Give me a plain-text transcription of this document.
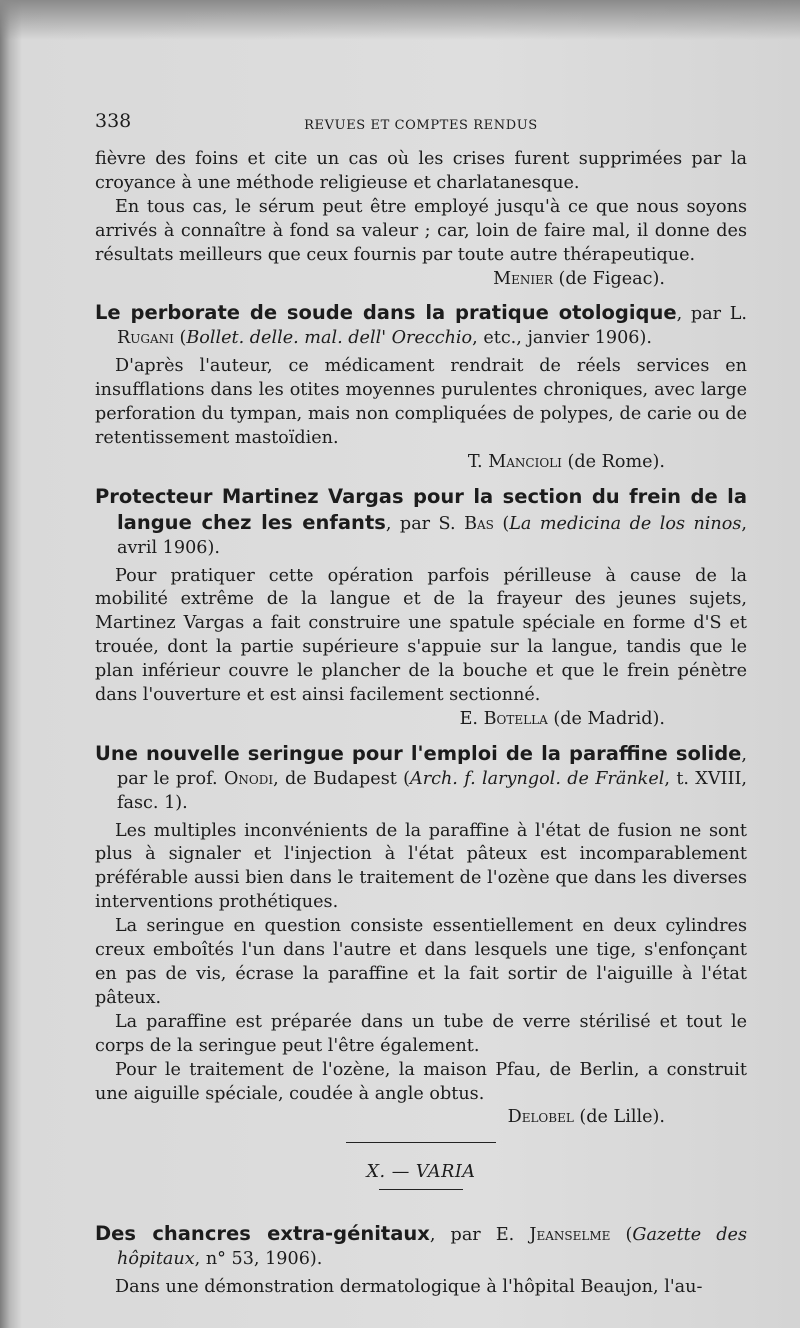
338	REVUES ET COMPTES RENDUS

fièvre des foins et cite un cas où les crises furent supprimées par la croyance à une méthode religieuse et charlatanesque.

En tous cas, le sérum peut être employé jusqu'à ce que nous soyons arrivés à connaître à fond sa valeur ; car, loin de faire mal, il donne des résultats meilleurs que ceux fournis par toute autre thérapeutique.

Menier (de Figeac).

Le perborate de soude dans la pratique otologique, par L. Rugani (Bollet. delle. mal. dell' Orecchio, etc., janvier 1906).

D'après l'auteur, ce médicament rendrait de réels services en insufflations dans les otites moyennes purulentes chroniques, avec large perforation du tympan, mais non compliquées de polypes, de carie ou de retentissement mastoïdien.

T. Mancioli (de Rome).

Protecteur Martinez Vargas pour la section du frein de la langue chez les enfants, par S. Bas (La medicina de los ninos, avril 1906).

Pour pratiquer cette opération parfois périlleuse à cause de la mobilité extrême de la langue et de la frayeur des jeunes sujets, Martinez Vargas a fait construire une spatule spéciale en forme d'S et trouée, dont la partie supérieure s'appuie sur la langue, tandis que le plan inférieur couvre le plancher de la bouche et que le frein pénètre dans l'ouverture et est ainsi facilement sectionné.

E. Botella (de Madrid).

Une nouvelle seringue pour l'emploi de la paraffine solide, par le prof. Onodi, de Budapest (Arch. f. laryngol. de Fränkel, t. XVIII, fasc. 1).

Les multiples inconvénients de la paraffine à l'état de fusion ne sont plus à signaler et l'injection à l'état pâteux est incomparablement préférable aussi bien dans le traitement de l'ozène que dans les diverses interventions prothétiques.

La seringue en question consiste essentiellement en deux cylindres creux emboîtés l'un dans l'autre et dans lesquels une tige, s'enfonçant en pas de vis, écrase la paraffine et la fait sortir de l'aiguille à l'état pâteux.

La paraffine est préparée dans un tube de verre stérilisé et tout le corps de la seringue peut l'être également.

Pour le traitement de l'ozène, la maison Pfau, de Berlin, a construit une aiguille spéciale, coudée à angle obtus.

Delobel (de Lille).

X. — VARIA

Des chancres extra-génitaux, par E. Jeanselme (Gazette des hôpitaux, n° 53, 1906).

Dans une démonstration dermatologique à l'hôpital Beaujon, l'au-
